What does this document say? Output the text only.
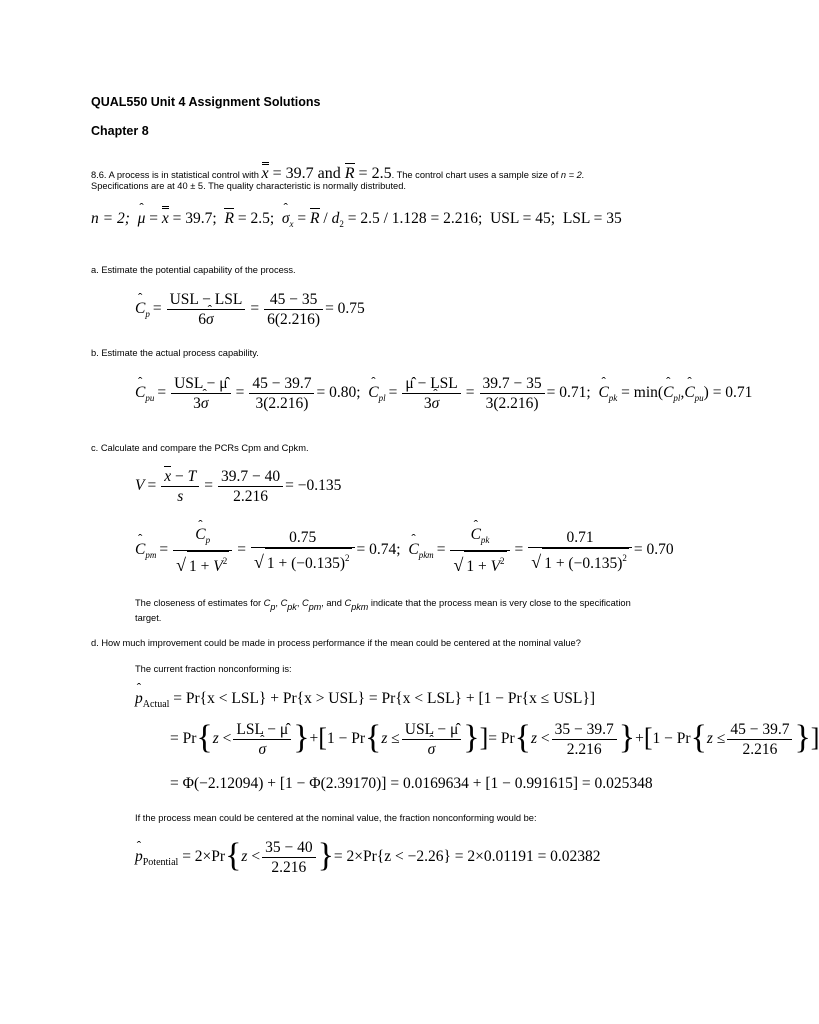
QUAL550 Unit 4 Assignment Solutions
Chapter 8
8.6. A process is in statistical control with x = 39.7 and R = 2.5. The control chart uses a sample size of n = 2.
Specifications are at 40 ± 5. The quality characteristic is normally distributed.
n = 2; ˆ μ = x = 39.7; R = 2.5; ˆ $\sigma_x = R / d_2 = 2.5 / 1.128 = 2.216$; USL = 45; LSL = 35
a. Estimate the potential capability of the process.
ˆ $C_p = \frac{\text{USL − LSL}}{\text{6ˆ σ}} = \frac{45 - 35}{6(2.216)} = 0.75$
b. Estimate the actual process capability.
ˆ $C_{pu} = \frac{\text{USL − μ̂}}{\text{3ˆ σ}} = \frac{45 - 39.7}{3(2.216)} = 0.80$; ˆ $C_{pl} = \frac{\text{μ̂ − LSL}}{\text{3ˆ σ}} = \frac{39.7 - 35}{3(2.216)} = 0.71$; ˆ $C_{pk}$ = min(ˆ $C_{pl},ˆ$ $C_{pu}) = 0.71$
c. Calculate and compare the PCRs Cpm and Cpkm.
$V = \frac{x - T}{s} = \frac{39.7 - 40}{2.216} = -0.135$
ˆ $C_{pm}$ = ˆ $\frac{C_p}{√ 1 + V^2} = \frac{0.75}{√ 1 + (-0.135)^2} = 0.74$; ˆ $C_{pkm}$ = ˆ $\frac{C_{pk}}{√ 1 + V^2} = \frac{0.71}{√ 1 + (-0.135)^2} = 0.70$
The closeness of estimates for $C_p$, $C_{pk}$, $C_{pm}$, and $C_{pkm}$ indicate that the process mean is very close to the specification
target.
d. How much improvement could be made in process performance if the mean could be centered at the nominal value?
The current fraction nonconforming is:
ˆ $p_{Actual} = Pr\{x < LSL\} + Pr\{x > USL\} = Pr\{x < LSL\} + [1 - Pr\{x \le USL\}]$
= Pr{z < LSL − μ̂
ˆ σ }+[1 − Pr{z ≤ USL − μ̂
ˆ σ }]= $Pr\{z < \frac{35 - 39.7}{2.216} \}+[1 - Pr\{z \le \frac{45 - 39.7}{2.216}$ }]
= Φ(−2.12094) + [1 − Φ(2.39170)] = 0.0169634 + [1 − 0.991615] = 0.025348
If the process mean could be centered at the nominal value, the fraction nonconforming would be:
ˆ $p_{Potential} = 2\times Pr\{z < \frac{35 - 40}{2.216}$ }= 2×Pr{z < −2.26} = 2×0.01191 = 0.02382
